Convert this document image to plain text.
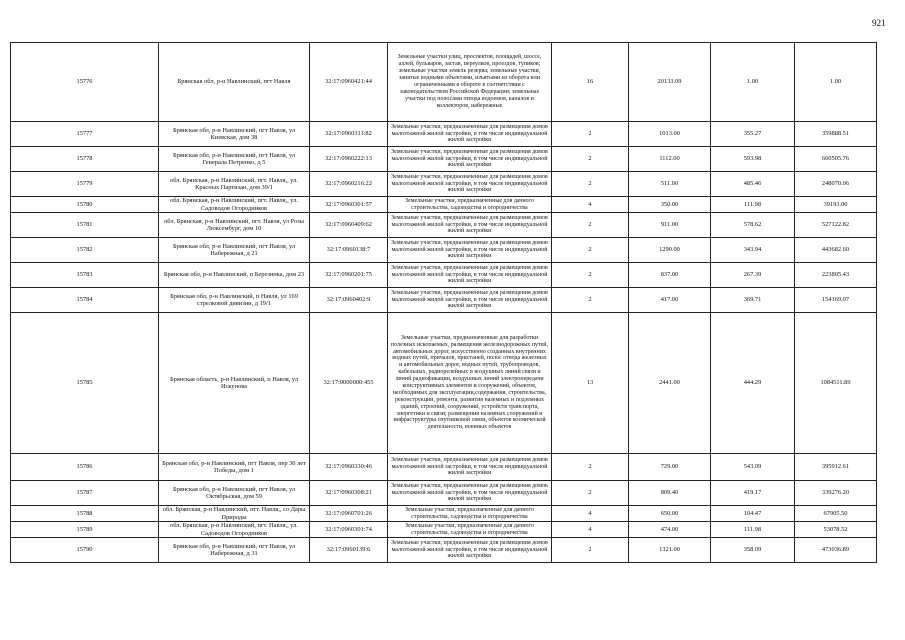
921
15776	Брянская обл, р-н Навлинский, пгт Навля	32:17:0960421:44	Земельные участки улиц, проспектов, площадей, шоссе, аллей, бульваров, застав, переулков, проездов, тупиков; земельные участки земель резерва; земельные участки, занятые водными объектами, изъятыми из оборота или ограниченными в обороте в соответствии с законодательством Российской Федерации; земельные участки под полосами отвода водоемов, каналов и коллекторов, набережные	16	20133.09	1.00	1.00
15777	Брянская обл, р-н Навлинский, пгт Навля, ул Киевская, дом 38	32:17:0960311:82	Земельные участки, предназначенные для размещения домов малоэтажной жилой застройки, в том числе индивидуальной жилой застройки	2	1013.00	355.27	359888.51
15778	Брянская обл, р-н Навлинский, пгт Навля, ул Генерала Петренко, д 5	32:17:0960222:13	Земельные участки, предназначенные для размещения домов малоэтажной жилой застройки, в том числе индивидуальной жилой застройки	2	1112.00	593.98	660505.76
15779	обл. Брянская, р-н Навлинский, пгт. Навля,, ул. Красных Партизан, дом 39/1	32:17:0960216:22	Земельные участки, предназначенные для размещения домов малоэтажной жилой застройки, в том числе индивидуальной жилой застройки	2	511.00	485.46	248070.06
15780	обл. Брянская, р-н Навлинский, пгт. Навля,, ул. Садоводов Огородников	32:17:0960301:57	Земельные участки, предназначенные для дачного строительства, садоводства и огородничества	4	350.00	111.98	39193.00
15781	обл. Брянская, р-н Навлинский, пгт. Навля, ул Розы Люксембург, дом 10	32:17:0960409:62	Земельные участки, предназначенные для размещения домов малоэтажной жилой застройки, в том числе индивидуальной жилой застройки	2	911.00	578.62	527122.82
15782	Брянская обл, р-н Навлинский, пгт Навля, ул Набережная, д 21	32:17:0960138:7	Земельные участки, предназначенные для размещения домов малоэтажной жилой застройки, в том числе индивидуальной жилой застройки	2	1290.00	343.94	443682.60
15783	Брянская обл, р-н Навлинский, п Березинка, дом 23	32:17:0960201:75	Земельные участки, предназначенные для размещения домов малоэтажной жилой застройки, в том числе индивидуальной жилой застройки	2	837.00	267.39	223805.43
15784	Брянская обл, р-н Навлинский, п Навля, ул 169 стрелковой дивизии, д 19/1	32:17:0960402:9	Земельные участки, предназначенные для размещения домов малоэтажной жилой застройки, в том числе индивидуальной жилой застройки	2	417.00	369.71	154169.07
15785	Брянская область, р-н Навлинский, п Навля, ул Искунова	32:17:0000000:455	Земельные участки, предназначенные для разработки полезных ископаемых, размещения железнодорожных путей, автомобильных дорог, искусственно созданных внутренних водных путей, причалов, пристаней, полос отвода железных и автомобильных дорог, водных путей, трубопроводов, кабельных, радиорелейных и воздушных линий связи и линий радиофикации, воздушных линий электропередачи конструктивных элементов и сооружений, объектов, необходимых для эксплуатации,содержания, строительства, реконструкции, ремонта, развития наземных и подземных зданий, строений, сооружений, устройств транспорта, энергетики и связи; размещения наземных сооружений и инфраструктуры спутниковой связи, объектов космической деятельности, военных объектов	13	2441.00	444.29	1084511.89
15786	Брянская обл, р-н Навлинский, пгт Навля, пер 30 лет Победы, дом 1	32:17:0960330:46	Земельные участки, предназначенные для размещения домов малоэтажной жилой застройки, в том числе индивидуальной жилой застройки	2	729.00	543.09	395912.61
15787	Брянская обл, р-н Навлинский, пгт Навля, ул Октябрьская, дом 59	32:17:0960308:21	Земельные участки, предназначенные для размещения домов малоэтажной жилой застройки, в том числе индивидуальной жилой застройки	2	809.40	419.17	339276.20
15788	обл. Брянская, р-н Навлинский, пгт. Навля,, со Дары Природы	32:17:0960701:26	Земельные участки, предназначенные для дачного строительства, садоводства и огородничества	4	650.00	104.47	67905.50
15789	обл. Брянская, р-н Навлинский, пгт. Навля,, ул. Садоводов Огородников	32:17:0960301:74	Земельные участки, предназначенные для дачного строительства, садоводства и огородничества	4	474.00	111.98	53078.52
15790	Брянская обл, р-н Навлинский, пгт Навля, ул Набережная, д 31	32:17:0960139:6	Земельные участки, предназначенные для размещения домов малоэтажной жилой застройки, в том числе индивидуальной жилой застройки	2	1321.00	358.09	473036.89
